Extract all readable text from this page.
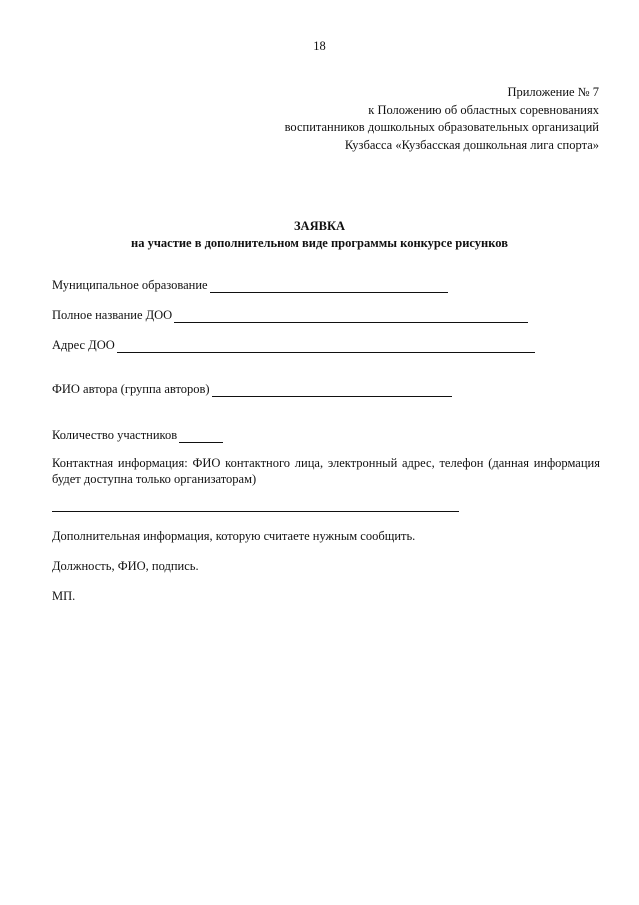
18
Приложение № 7
к Положению об областных соревнованиях
воспитанников дошкольных образовательных организаций
Кузбасса «Кузбасская дошкольная лига спорта»
ЗАЯВКА
на участие в дополнительном виде программы конкурсе рисунков
Муниципальное образование
Полное название ДОО
Адрес ДОО
ФИО автора (группа авторов)
Количество участников
Контактная информация: ФИО контактного лица, электронный адрес, телефон (данная информация будет доступна только организаторам)
Дополнительная информация, которую считаете нужным сообщить.
Должность, ФИО, подпись.
МП.
